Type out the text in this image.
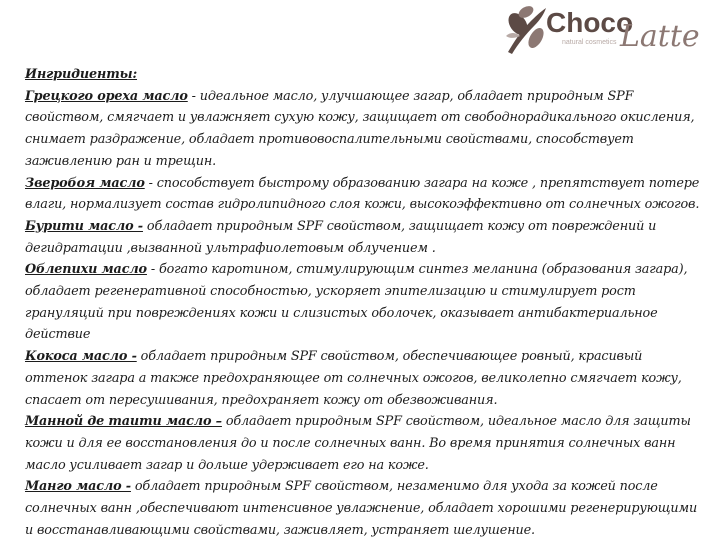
Choco
Latte
natural cosmetics

Ингридиенты:

Грецкого ореха масло - идеальное масло, улучшающее загар, обладает природным SPF свойством, смягчает и увлажняет сухую кожу, защищает от свободнорадикального окисления, снимает раздражение, обладает противовоспалительными свойствами, способствует заживлению ран и трещин.

Зверобоя масло - способствует быстрому образованию загара на коже , препятствует потере влаги, нормализует состав гидролипидного слоя кожи, высокоэффективно от солнечных ожогов.

Бурити масло - обладает природным SPF свойством, защищает кожу от повреждений и дегидратации ,вызванной ультрафиолетовым облучением .

Облепихи масло - богато каротином, стимулирующим синтез меланина (образования загара), обладает регенеративной способностью, ускоряет эпителизацию и стимулирует рост грануляций при повреждениях кожи и слизистых оболочек, оказывает антибактериальное действие

Кокоса масло - обладает природным SPF свойством, обеспечивающее ровный, красивый оттенок загара а также предохраняющее от солнечных ожогов, великолепно смягчает кожу, спасает от пересушивания, предохраняет кожу от обезвоживания.

Манной де таити масло – обладает природным SPF свойством, идеальное масло для защиты кожи и для ее восстановления до и после солнечных ванн. Во время принятия солнечных ванн масло усиливает загар и дольше удерживает его на коже.

Манго масло - обладает природным SPF свойством, незаменимо для ухода за кожей после солнечных ванн ,обеспечивают интенсивное увлажнение, обладает хорошими регенерирующими и восстанавливающими свойствами, заживляет, устраняет шелушение.
